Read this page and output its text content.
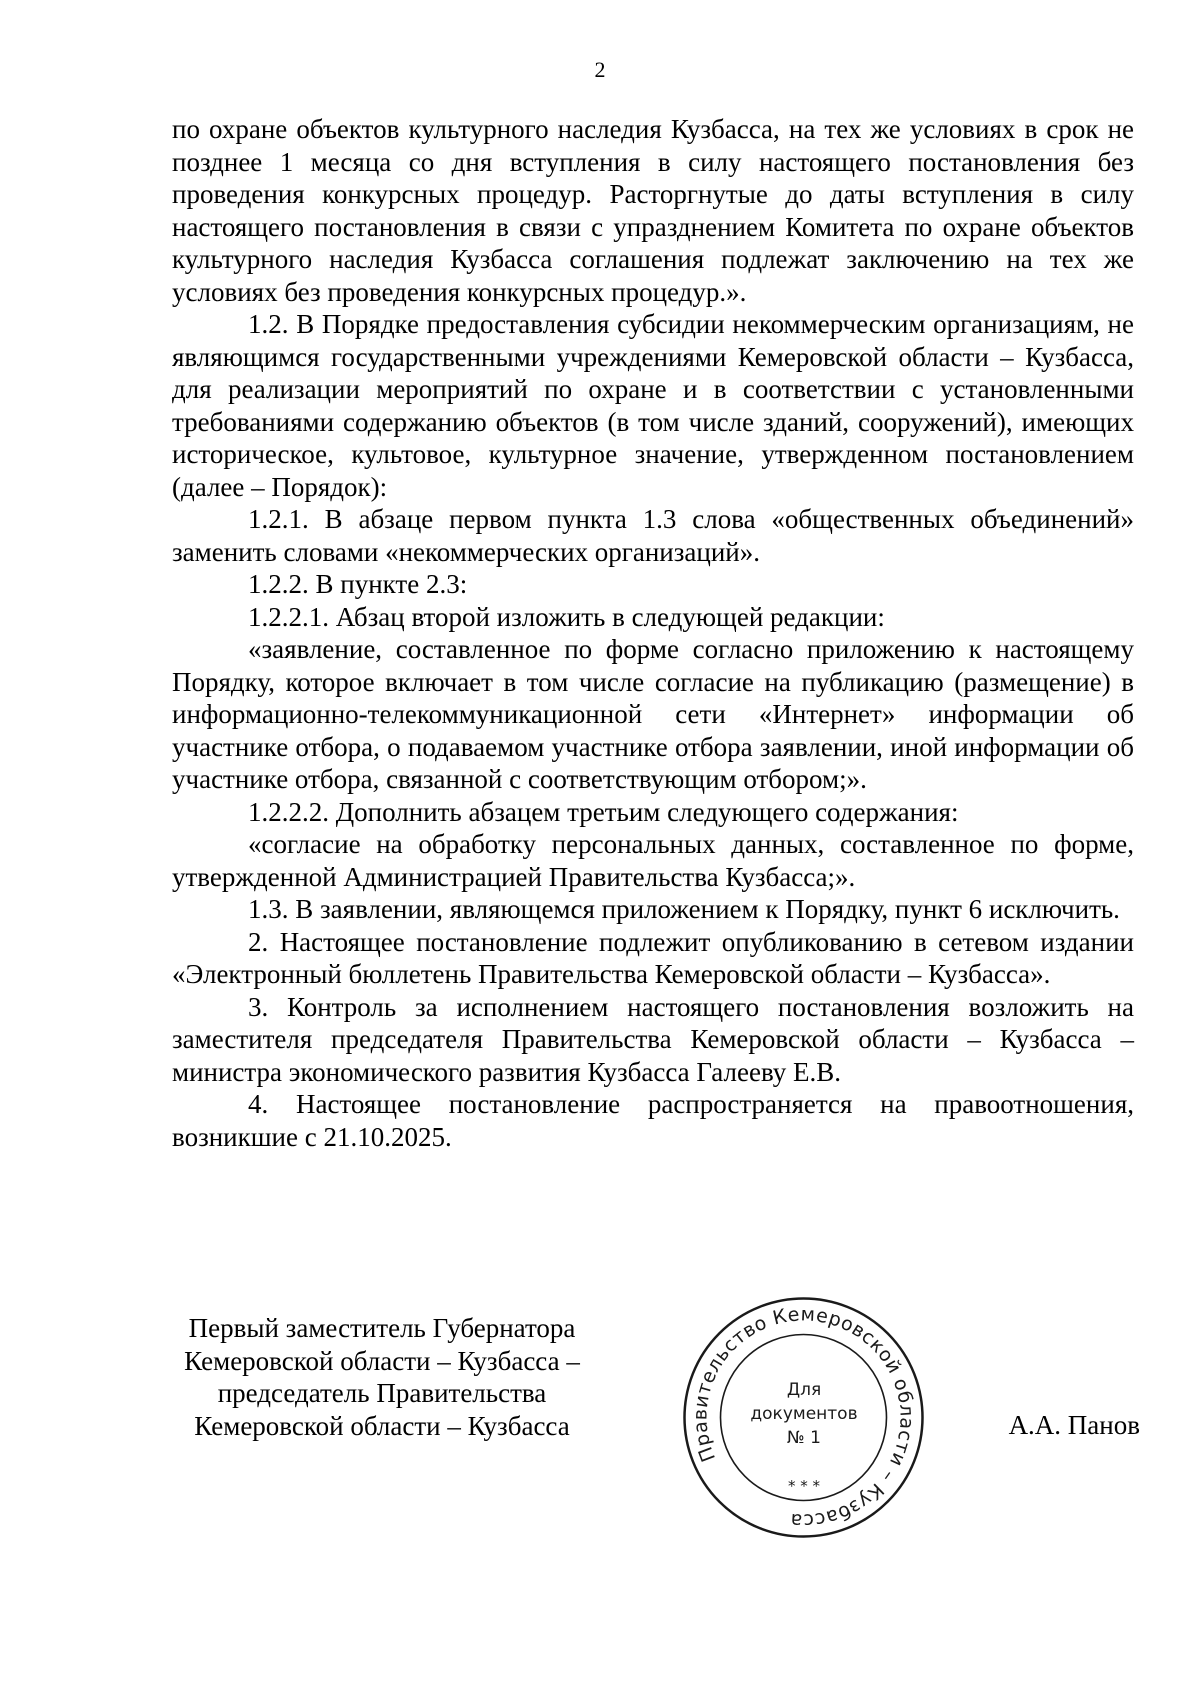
2

по охране объектов культурного наследия Кузбасса, на тех же условиях в срок не позднее 1 месяца со дня вступления в силу настоящего постановления без проведения конкурсных процедур. Расторгнутые до даты вступления в силу настоящего постановления в связи с упразднением Комитета по охране объектов культурного наследия Кузбасса соглашения подлежат заключению на тех же условиях без проведения конкурсных процедур.».

1.2. В Порядке предоставления субсидии некоммерческим организациям, не являющимся государственными учреждениями Кемеровской области – Кузбасса, для реализации мероприятий по охране и в соответствии с установленными требованиями содержанию объектов (в том числе зданий, сооружений), имеющих историческое, культовое, культурное значение, утвержденном постановлением (далее – Порядок):

1.2.1. В абзаце первом пункта 1.3 слова «общественных объединений» заменить словами «некоммерческих организаций».

1.2.2. В пункте 2.3:

1.2.2.1. Абзац второй изложить в следующей редакции:

«заявление, составленное по форме согласно приложению к настоящему Порядку, которое включает в том числе согласие на публикацию (размещение) в информационно-телекоммуникационной сети «Интернет» информации об участнике отбора, о подаваемом участнике отбора заявлении, иной информации об участнике отбора, связанной с соответствующим отбором;».

1.2.2.2. Дополнить абзацем третьим следующего содержания:

«согласие на обработку персональных данных, составленное по форме, утвержденной Администрацией Правительства Кузбасса;».

1.3. В заявлении, являющемся приложением к Порядку, пункт 6 исключить.

2. Настоящее постановление подлежит опубликованию в сетевом издании «Электронный бюллетень Правительства Кемеровской области – Кузбасса».

3. Контроль за исполнением настоящего постановления возложить на заместителя председателя Правительства Кемеровской области – Кузбасса – министра экономического развития Кузбасса Галееву Е.В.

4. Настоящее постановление распространяется на правоотношения, возникшие с 21.10.2025.

Первый заместитель Губернатора
Кемеровской области – Кузбасса –
председатель Правительства
Кемеровской области – Кузбасса	А.А. Панов
Правительство Кемеровской области – Кузбасса
Для
документов
№ 1
* * *
